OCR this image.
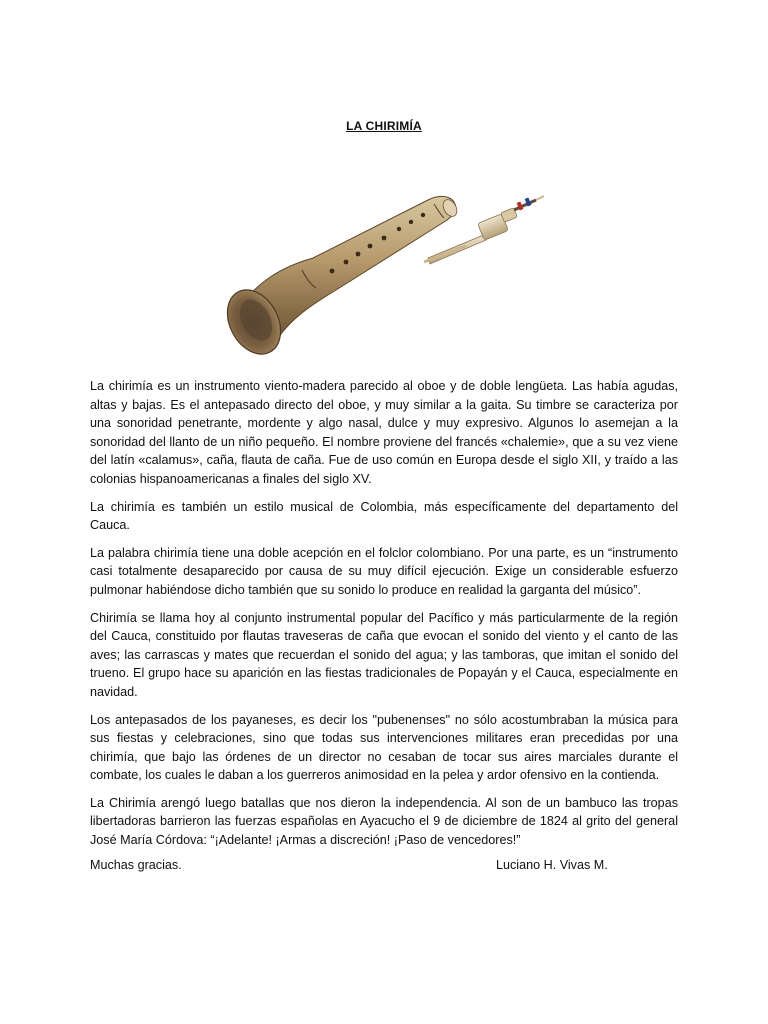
LA CHIRIMÍA

La chirimía es un instrumento viento-madera parecido al oboe y de doble lengüeta. Las había agudas, altas y bajas. Es el antepasado directo del oboe, y muy similar a la gaita. Su timbre se caracteriza por una sonoridad penetrante, mordente y algo nasal, dulce y muy expresivo. Algunos lo asemejan a la sonoridad del llanto de un niño pequeño. El nombre proviene del francés «chalemie», que a su vez viene del latín «calamus», caña, flauta de caña. Fue de uso común en Europa desde el siglo XII, y traído a las colonias hispanoamericanas a finales del siglo XV.

La chirimía es también un estilo musical de Colombia, más específicamente del departamento del Cauca.

La palabra chirimía tiene una doble acepción en el folclor colombiano. Por una parte, es un “instrumento casi totalmente desaparecido por causa de su muy difícil ejecución. Exige un considerable esfuerzo pulmonar habiéndose dicho también que su sonido lo produce en realidad la garganta del músico”.

Chirimía se llama hoy al conjunto instrumental popular del Pacífico y más particularmente de la región del Cauca, constituido por flautas traveseras de caña que evocan el sonido del viento y el canto de las aves; las carrascas y mates que recuerdan el sonido del agua; y las tamboras, que imitan el sonido del trueno. El grupo hace su aparición en las fiestas tradicionales de Popayán y el Cauca, especialmente en navidad.

Los antepasados de los payaneses, es decir los "pubenenses" no sólo acostumbraban la música para sus fiestas y celebraciones, sino que todas sus intervenciones militares eran precedidas por una chirimía, que bajo las órdenes de un director no cesaban de tocar sus aires marciales durante el combate, los cuales le daban a los guerreros animosidad en la pelea y ardor ofensivo en la contienda.

La Chirimía arengó luego batallas que nos dieron la independencia. Al son de un bambuco las tropas libertadoras barrieron las fuerzas españolas en Ayacucho el 9 de diciembre de 1824 al grito del general José María Córdova: “¡Adelante! ¡Armas a discreción! ¡Paso de vencedores!”

Muchas gracias.	Luciano H. Vivas M.
